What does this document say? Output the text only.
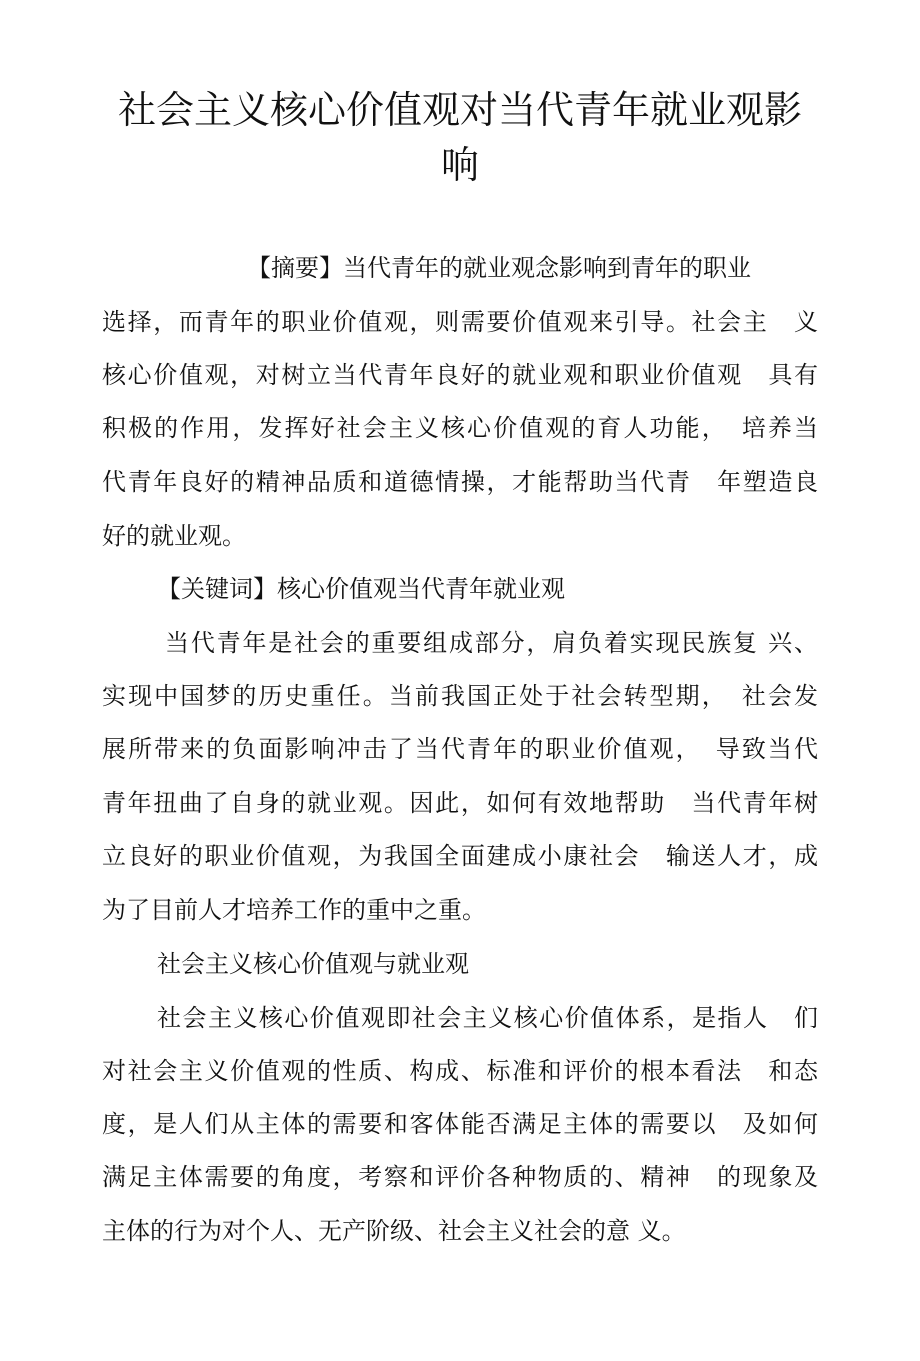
社会主义核心价值观对当代青年就业观影
响
【摘要】当代青年的就业观念影响到青年的职业
选择，而青年的职业价值观，则需要价值观来引导。社会主　义
核心价值观，对树立当代青年良好的就业观和职业价值观　具有
积极的作用，发挥好社会主义核心价值观的育人功能，　培养当
代青年良好的精神品质和道德情操，才能帮助当代青　年塑造良
好的就业观。
【关键词】核心价值观当代青年就业观
当代青年是社会的重要组成部分，肩负着实现民族复 兴、
实现中国梦的历史重任。当前我国正处于社会转型期，　社会发
展所带来的负面影响冲击了当代青年的职业价值观，　导致当代
青年扭曲了自身的就业观。因此，如何有效地帮助　当代青年树
立良好的职业价值观，为我国全面建成小康社会　输送人才，成
为了目前人才培养工作的重中之重。
社会主义核心价值观与就业观
社会主义核心价值观即社会主义核心价值体系，是指人　们
对社会主义价值观的性质、构成、标准和评价的根本看法　和态
度，是人们从主体的需要和客体能否满足主体的需要以　及如何
满足主体需要的角度，考察和评价各种物质的、精神　的现象及
主体的行为对个人、无产阶级、社会主义社会的意 义。
